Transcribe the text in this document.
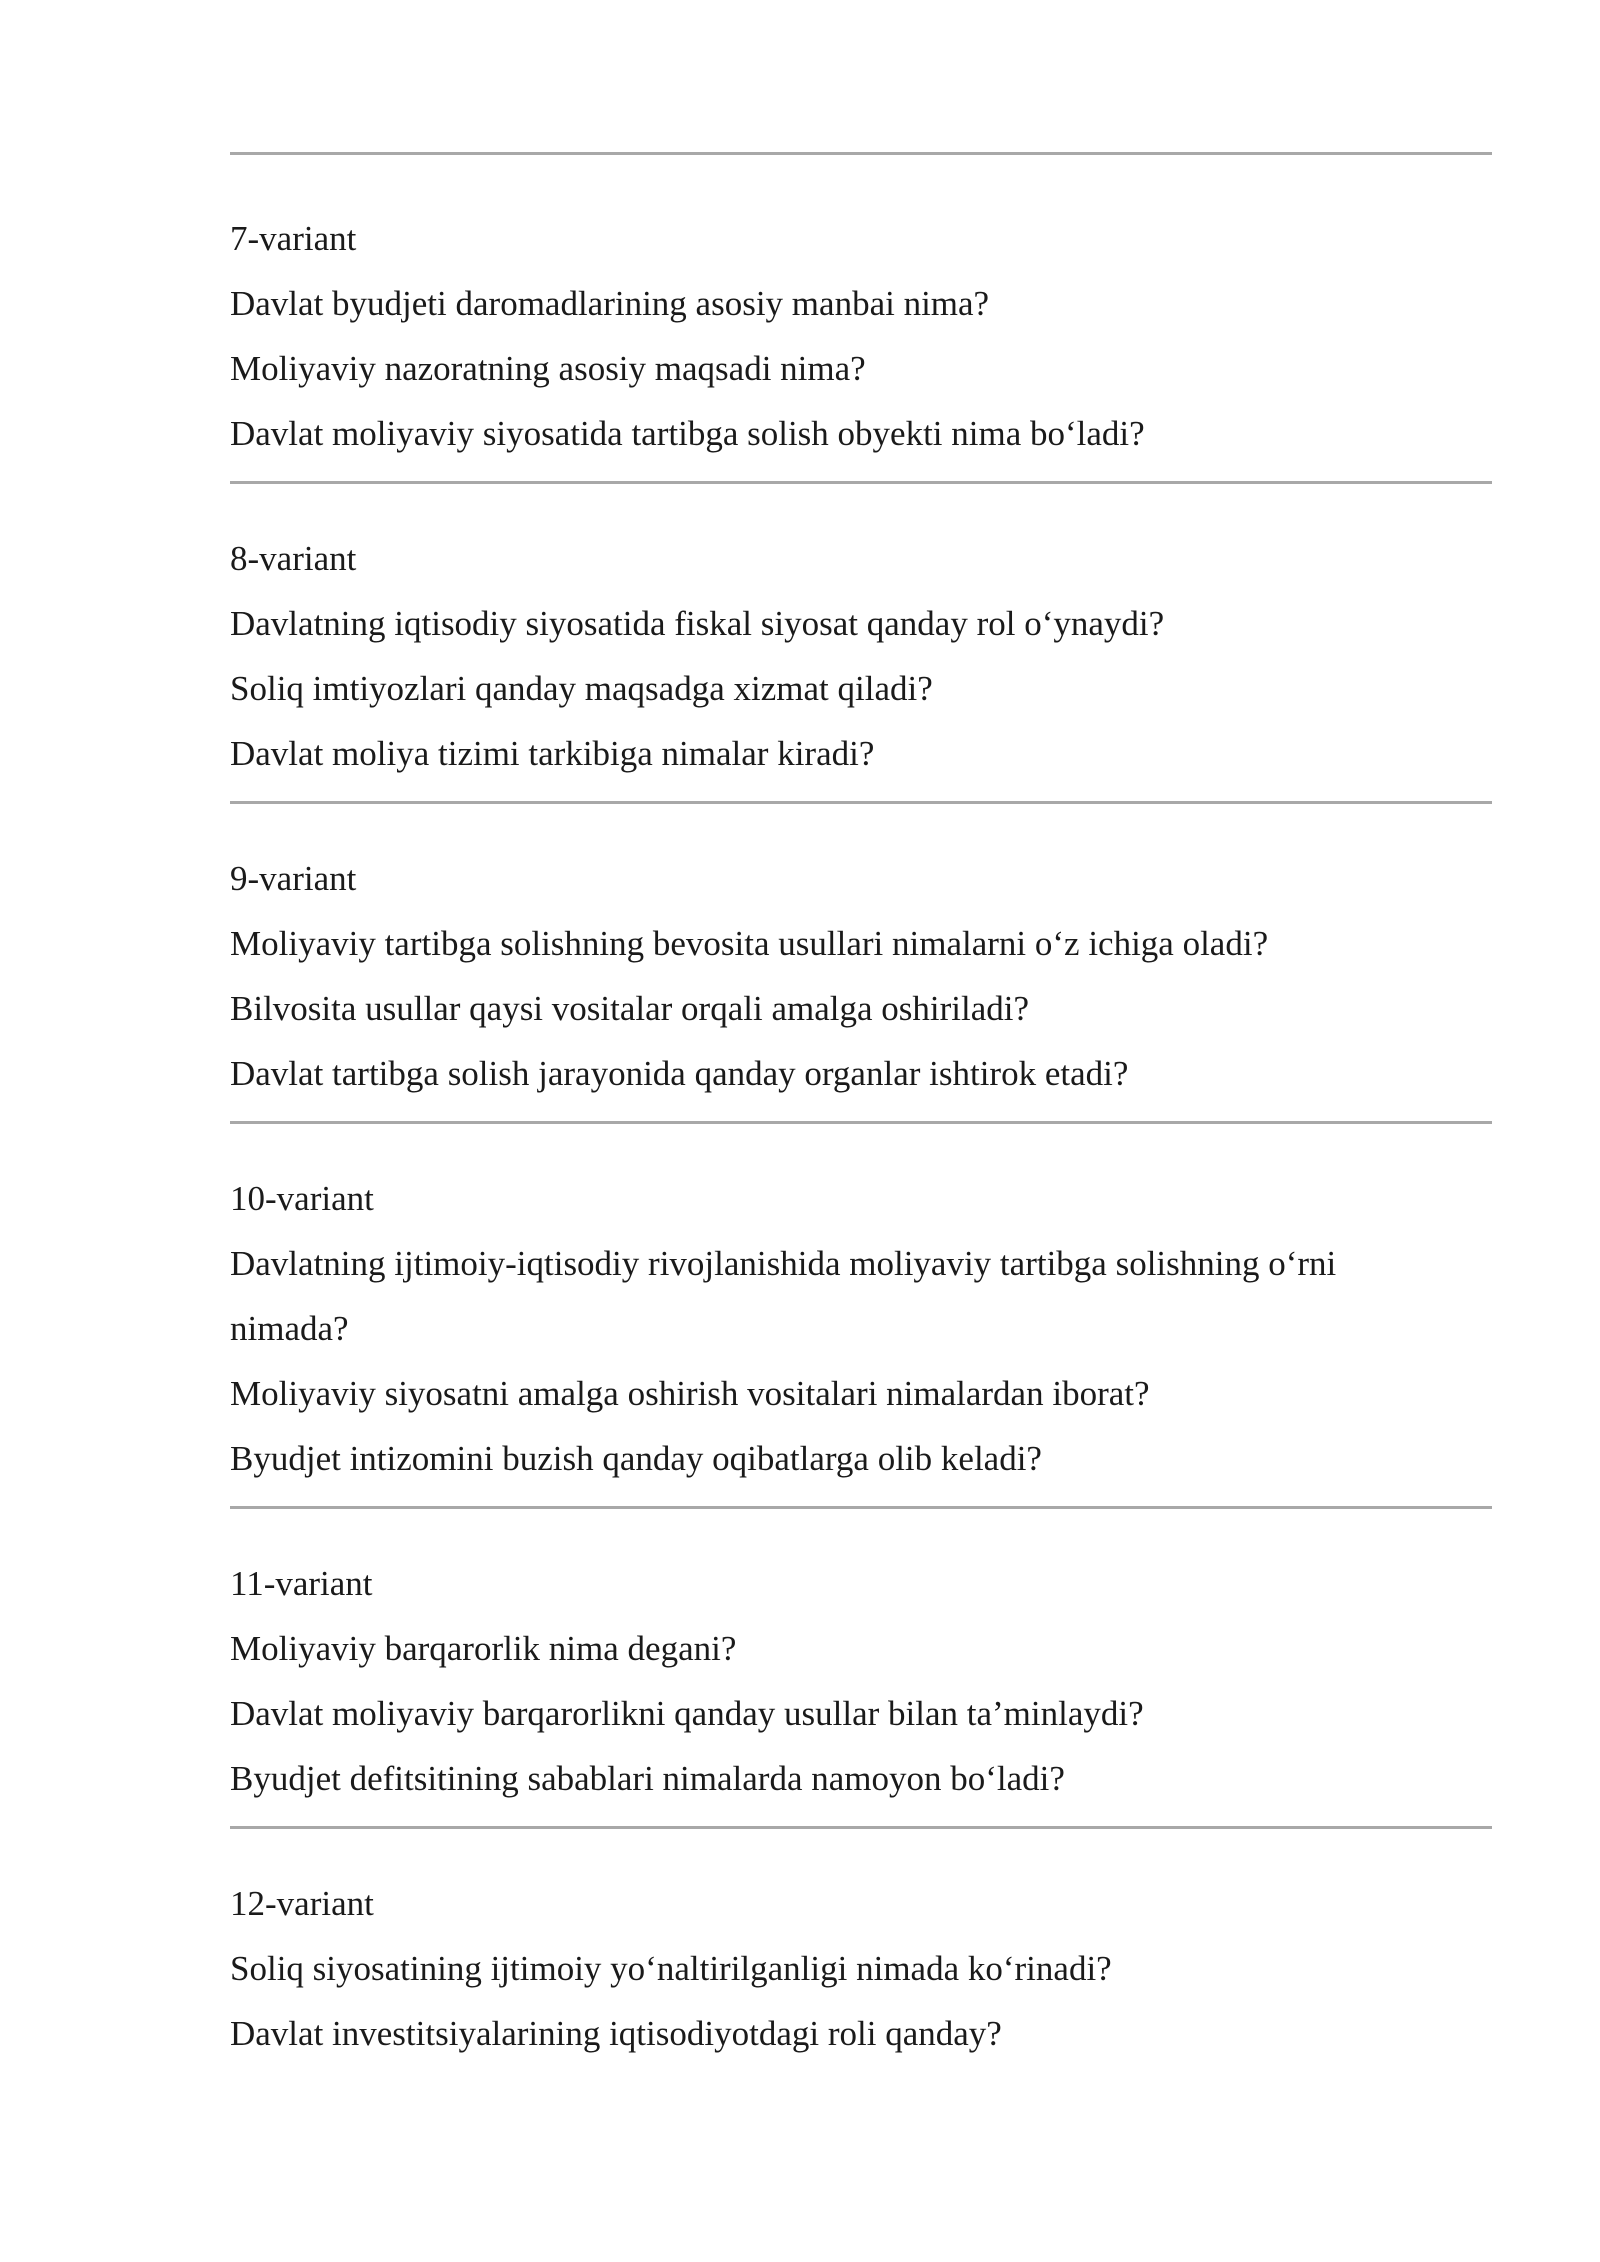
7-variant
Davlat byudjeti daromadlarining asosiy manbai nima?
Moliyaviy nazoratning asosiy maqsadi nima?
Davlat moliyaviy siyosatida tartibga solish obyekti nima bo‘ladi?
8-variant
Davlatning iqtisodiy siyosatida fiskal siyosat qanday rol o‘ynaydi?
Soliq imtiyozlari qanday maqsadga xizmat qiladi?
Davlat moliya tizimi tarkibiga nimalar kiradi?
9-variant
Moliyaviy tartibga solishning bevosita usullari nimalarni o‘z ichiga oladi?
Bilvosita usullar qaysi vositalar orqali amalga oshiriladi?
Davlat tartibga solish jarayonida qanday organlar ishtirok etadi?
10-variant
Davlatning ijtimoiy-iqtisodiy rivojlanishida moliyaviy tartibga solishning o‘rni
nimada?
Moliyaviy siyosatni amalga oshirish vositalari nimalardan iborat?
Byudjet intizomini buzish qanday oqibatlarga olib keladi?
11-variant
Moliyaviy barqarorlik nima degani?
Davlat moliyaviy barqarorlikni qanday usullar bilan ta’minlaydi?
Byudjet defitsitining sabablari nimalarda namoyon bo‘ladi?
12-variant
Soliq siyosatining ijtimoiy yo‘naltirilganligi nimada ko‘rinadi?
Davlat investitsiyalarining iqtisodiyotdagi roli qanday?
